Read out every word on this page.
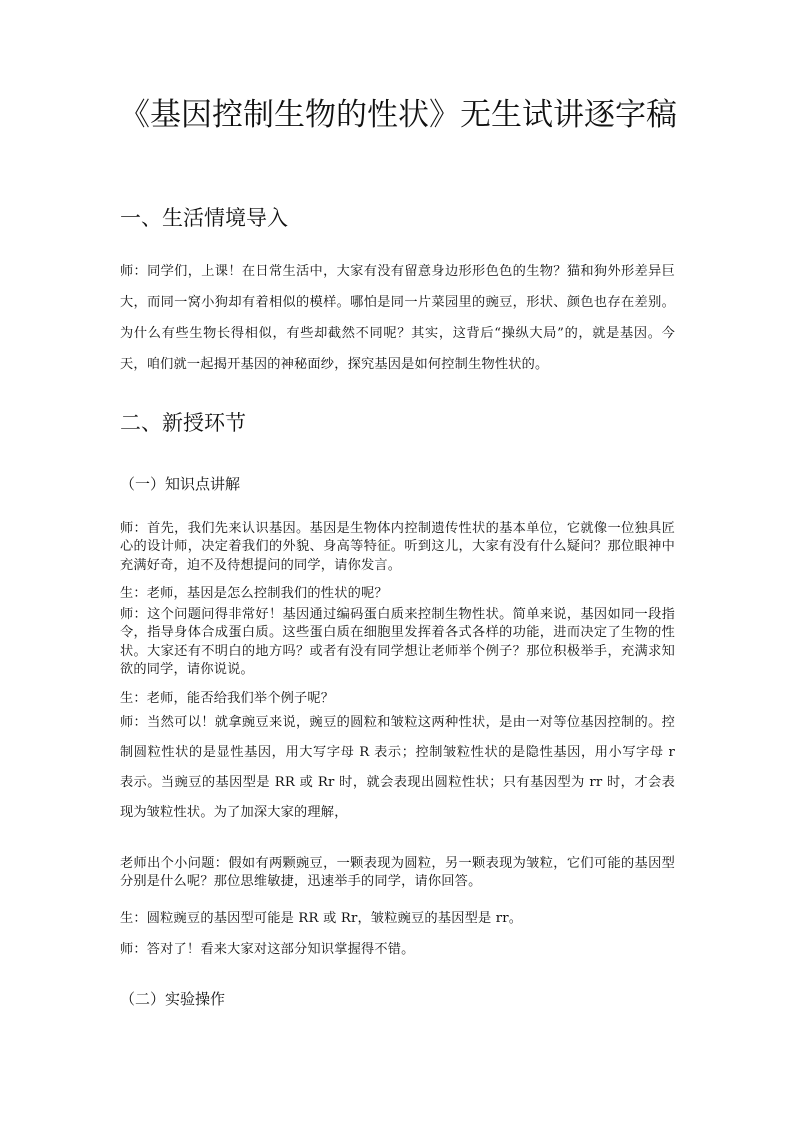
《基因控制生物的性状》无生试讲逐字稿
一、生活情境导入

师：同学们，上课！在日常生活中，大家有没有留意身边形形色色的生物？猫和狗外形差异巨大，而同一窝小狗却有着相似的模样。哪怕是同一片菜园里的豌豆，形状、颜色也存在差别。为什么有些生物长得相似，有些却截然不同呢？其实，这背后“操纵大局”的，就是基因。今天，咱们就一起揭开基因的神秘面纱，探究基因是如何控制生物性状的。

二、新授环节
（一）知识点讲解

师：首先，我们先来认识基因。基因是生物体内控制遗传性状的基本单位，它就像一位独具匠心的设计师，决定着我们的外貌、身高等特征。听到这儿，大家有没有什么疑问？那位眼神中充满好奇，迫不及待想提问的同学，请你发言。

生：老师，基因是怎么控制我们的性状的呢？

师：这个问题问得非常好！基因通过编码蛋白质来控制生物性状。简单来说，基因如同一段指令，指导身体合成蛋白质。这些蛋白质在细胞里发挥着各式各样的功能，进而决定了生物的性状。大家还有不明白的地方吗？或者有没有同学想让老师举个例子？那位积极举手，充满求知欲的同学，请你说说。

生：老师，能否给我们举个例子呢？

师：当然可以！就拿豌豆来说，豌豆的圆粒和皱粒这两种性状，是由一对等位基因控制的。控制圆粒性状的是显性基因，用大写字母 R 表示；控制皱粒性状的是隐性基因，用小写字母 r 表示。当豌豆的基因型是 RR 或 Rr 时，就会表现出圆粒性状；只有基因型为 rr 时，才会表现为皱粒性状。为了加深大家的理解，

老师出个小问题：假如有两颗豌豆，一颗表现为圆粒，另一颗表现为皱粒，它们可能的基因型分别是什么呢？那位思维敏捷，迅速举手的同学，请你回答。

生：圆粒豌豆的基因型可能是 RR 或 Rr，皱粒豌豆的基因型是 rr。

师：答对了！看来大家对这部分知识掌握得不错。

（二）实验操作
